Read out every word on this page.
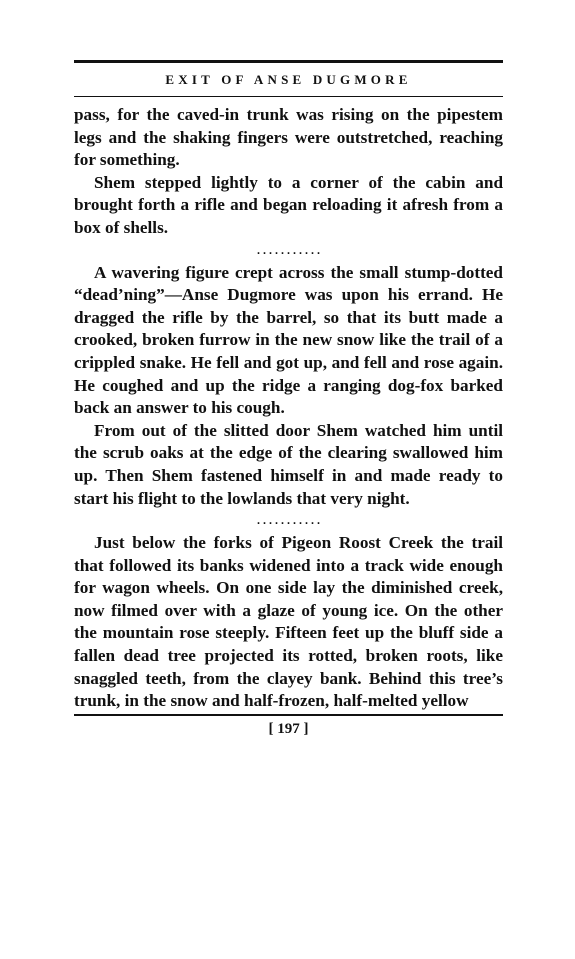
EXIT OF ANSE DUGMORE

pass, for the caved-in trunk was rising on the pipestem legs and the shaking fingers were outstretched, reaching for something.

Shem stepped lightly to a corner of the cabin and brought forth a rifle and began reloading it afresh from a box of shells.

. . . . . . . . . . .

A wavering figure crept across the small stump-dotted “dead’ning”—Anse Dugmore was upon his errand. He dragged the rifle by the barrel, so that its butt made a crooked, broken furrow in the new snow like the trail of a crippled snake. He fell and got up, and fell and rose again. He coughed and up the ridge a ranging dog-fox barked back an answer to his cough.

From out of the slitted door Shem watched him until the scrub oaks at the edge of the clearing swallowed him up. Then Shem fastened himself in and made ready to start his flight to the lowlands that very night.

. . . . . . . . . . .

Just below the forks of Pigeon Roost Creek the trail that followed its banks widened into a track wide enough for wagon wheels. On one side lay the diminished creek, now filmed over with a glaze of young ice. On the other the mountain rose steeply. Fifteen feet up the bluff side a fallen dead tree projected its rotted, broken roots, like snaggled teeth, from the clayey bank. Behind this tree’s trunk, in the snow and half-frozen, half-melted yellow

[ 197 ]
